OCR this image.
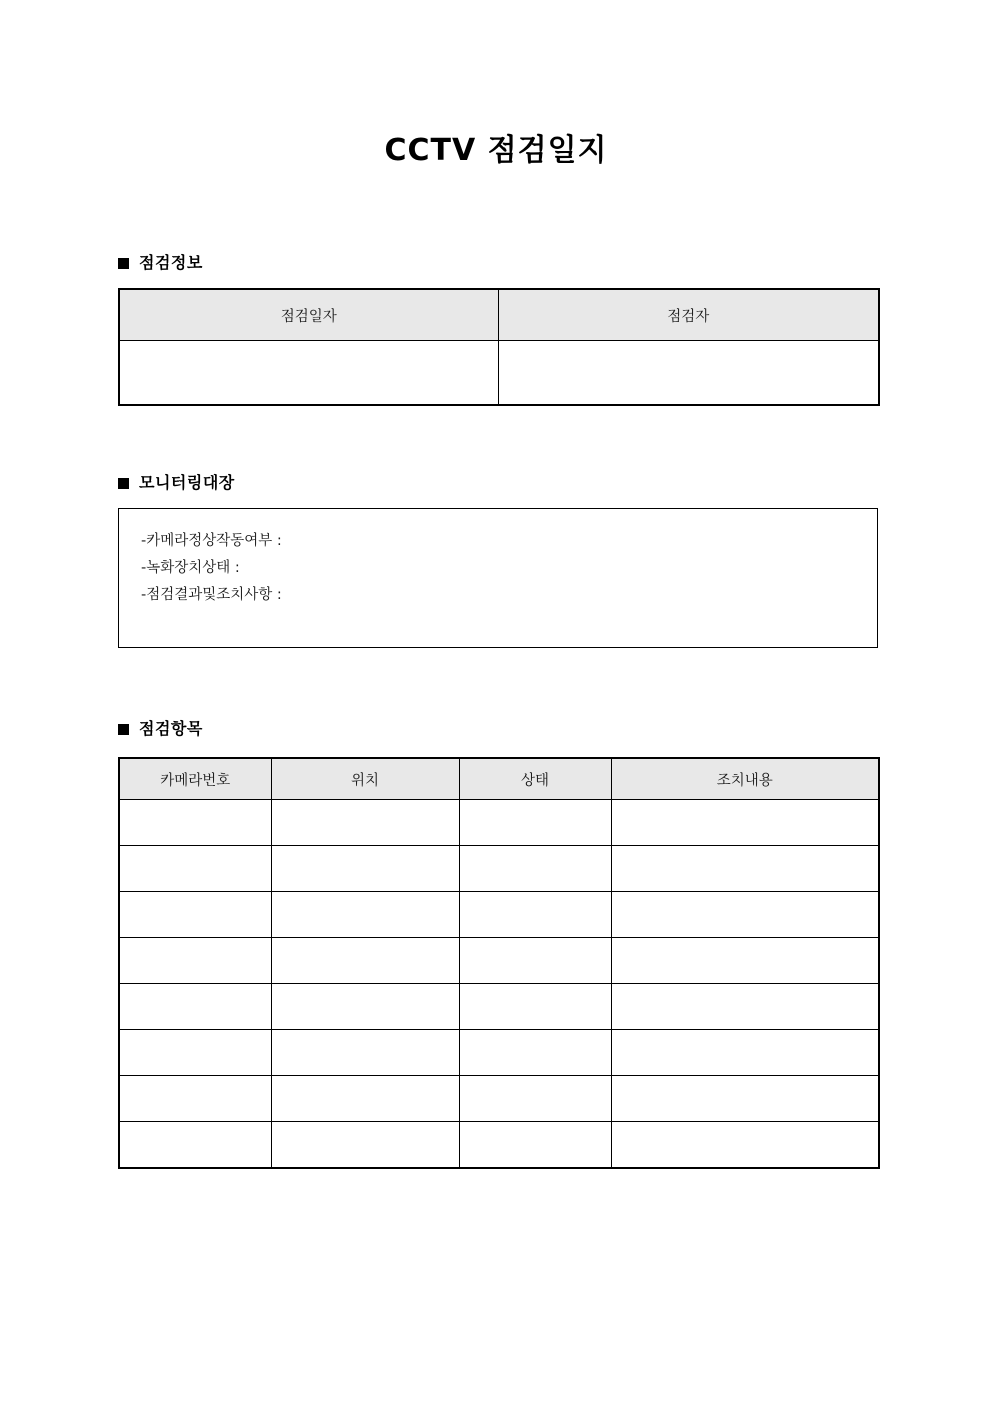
CCTV 점검일지
점검정보
점검일자	점검자

모니터링대장
-카메라정상작동여부 :
-녹화장치상태 :
-점검결과및조치사항 :
점검항목
카메라번호	위치	상태	조치내용
